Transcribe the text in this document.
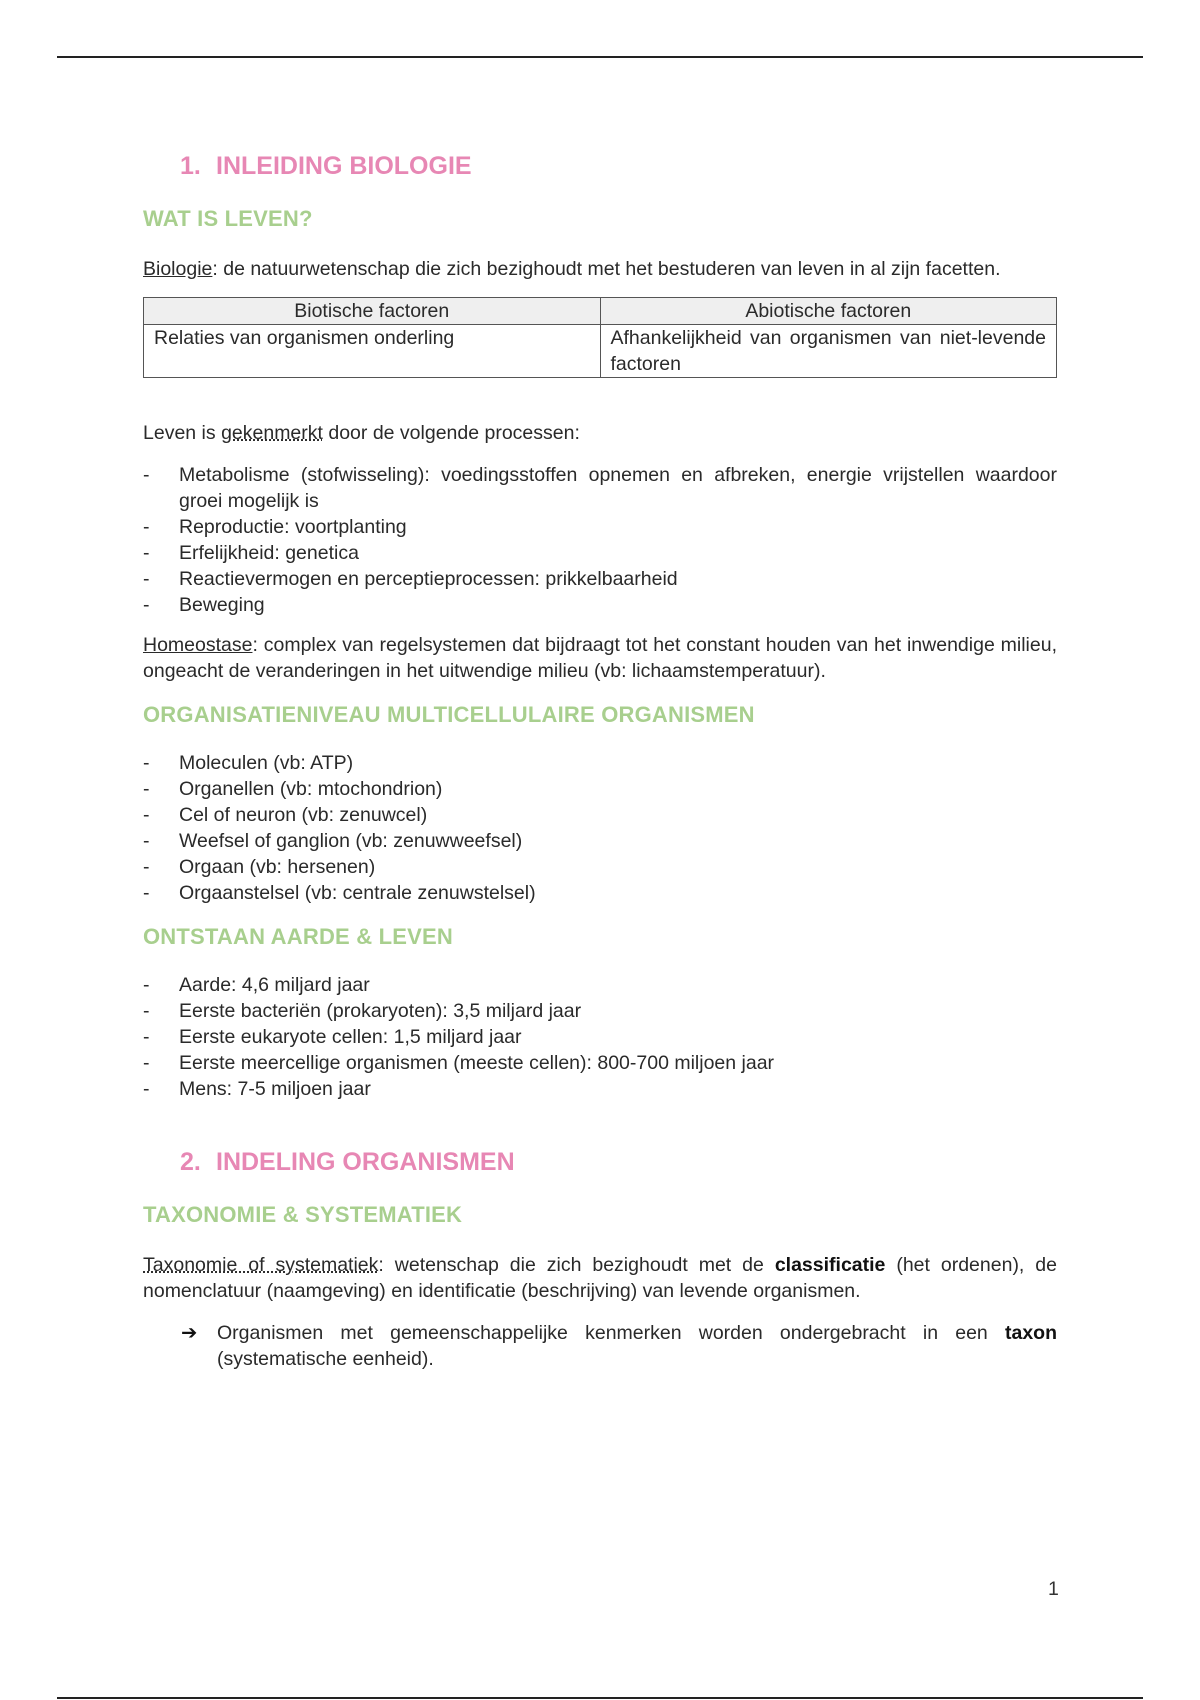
1. INLEIDING BIOLOGIE
WAT IS LEVEN?

Biologie: de natuurwetenschap die zich bezighoudt met het bestuderen van leven in al zijn facetten.

Biotische factoren	Abiotische factoren
Relaties van organismen onderling	Afhankelijkheid van organismen van niet-levende factoren

Leven is gekenmerkt door de volgende processen:

- Metabolisme (stofwisseling): voedingsstoffen opnemen en afbreken, energie vrijstellen waardoor groei mogelijk is
- Reproductie: voortplanting
- Erfelijkheid: genetica
- Reactievermogen en perceptieprocessen: prikkelbaarheid
- Beweging

Homeostase: complex van regelsystemen dat bijdraagt tot het constant houden van het inwendige milieu, ongeacht de veranderingen in het uitwendige milieu (vb: lichaamstemperatuur).

ORGANISATIENIVEAU MULTICELLULAIRE ORGANISMEN
- Moleculen (vb: ATP)
- Organellen (vb: mtochondrion)
- Cel of neuron (vb: zenuwcel)
- Weefsel of ganglion (vb: zenuwweefsel)
- Orgaan (vb: hersenen)
- Orgaanstelsel (vb: centrale zenuwstelsel)
ONTSTAAN AARDE & LEVEN
- Aarde: 4,6 miljard jaar
- Eerste bacteriën (prokaryoten): 3,5 miljard jaar
- Eerste eukaryote cellen: 1,5 miljard jaar
- Eerste meercellige organismen (meeste cellen): 800-700 miljoen jaar
- Mens: 7-5 miljoen jaar
2. INDELING ORGANISMEN
TAXONOMIE & SYSTEMATIEK

Taxonomie of systematiek: wetenschap die zich bezighoudt met de classificatie (het ordenen), de nomenclatuur (naamgeving) en identificatie (beschrijving) van levende organismen.

➔	Organismen met gemeenschappelijke kenmerken worden ondergebracht in een taxon (systematische eenheid).
1
